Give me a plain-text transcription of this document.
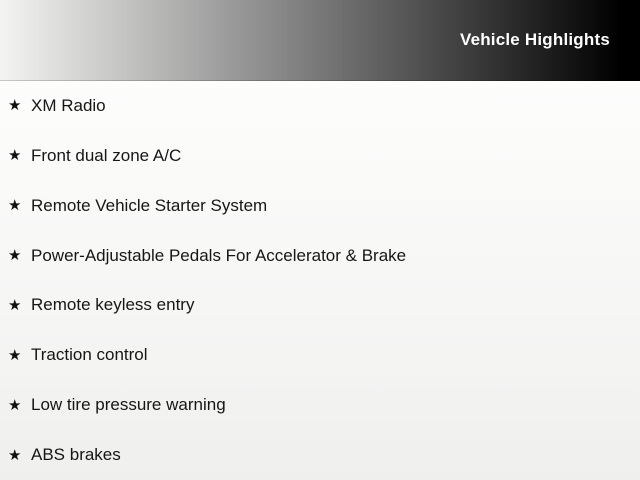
Vehicle Highlights
★ XM Radio
★ Front dual zone A/C
★ Remote Vehicle Starter System
★ Power-Adjustable Pedals For Accelerator & Brake
★ Remote keyless entry
★ Traction control
★ Low tire pressure warning
★ ABS brakes
